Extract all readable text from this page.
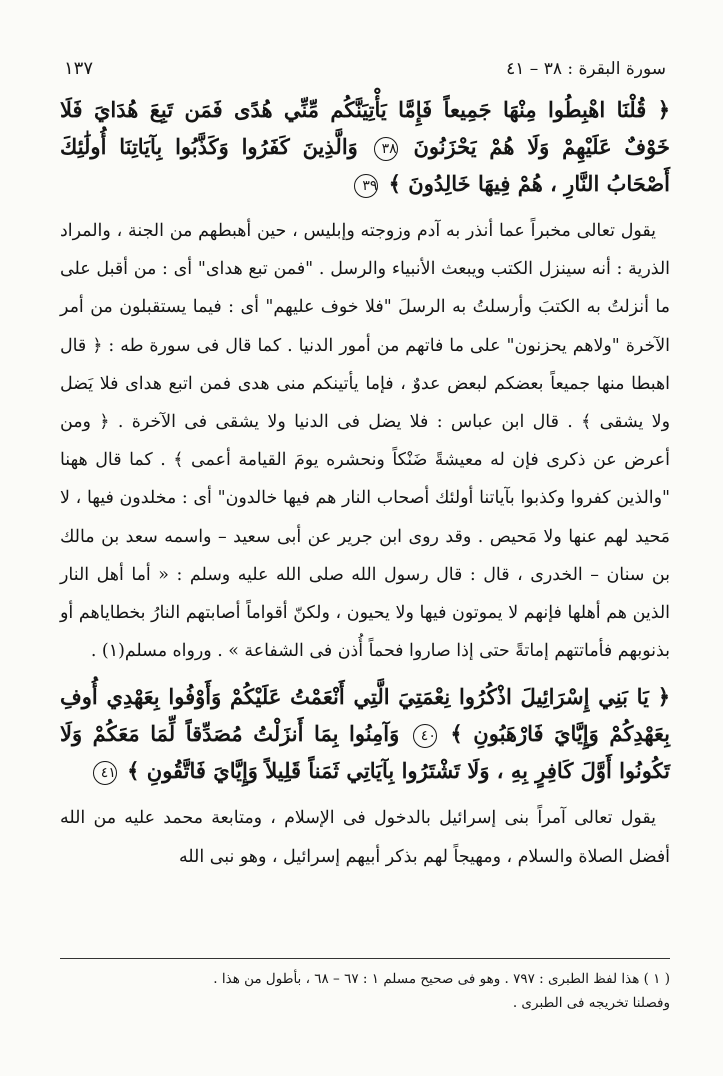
١٣٧	سورة البقرة : ٣٨ – ٤١

﴿ قُلْنَا اهْبِطُوا مِنْهَا جَمِيعاً فَإِمَّا يَأْتِيَنَّكُم مِّنِّي هُدًى فَمَن تَبِعَ هُدَايَ فَلَا خَوْفٌ عَلَيْهِمْ وَلَا هُمْ يَحْزَنُونَ ٣٨ وَالَّذِينَ كَفَرُوا وَكَذَّبُوا بِآيَاتِنَا أُولَٰئِكَ أَصْحَابُ النَّارِ ، هُمْ فِيهَا خَالِدُونَ ﴾ ٣٩

يقول تعالى مخبراً عما أنذر به آدم وزوجته وإبليس ، حين أهبطهم من الجنة ، والمراد الذرية : أنه سينزل الكتب ويبعث الأنبياء والرسل . "فمن تبع هداى" أى : من أقبل على ما أنزلتُ به الكتبَ وأرسلتُ به الرسلَ "فلا خوف عليهم" أى : فيما يستقبلون من أمر الآخرة "ولاهم يحزنون" على ما فاتهم من أمور الدنيا . كما قال فى سورة طه : ﴿ قال اهبطا منها جميعاً بعضكم لبعض عدوٌ ، فإما يأتينكم منى هدى فمن اتبع هداى فلا يَضل ولا يشقى ﴾ . قال ابن عباس : فلا يضل فى الدنيا ولا يشقى فى الآخرة . ﴿ ومن أعرض عن ذكرى فإن له معيشةً ضَنْكاً ونحشره يومَ القيامة أعمى ﴾ . كما قال ههنا "والذين كفروا وكذبوا بآياتنا أولئك أصحاب النار هم فيها خالدون" أى : مخلدون فيها ، لا مَحيد لهم عنها ولا مَحيص . وقد روى ابن جرير عن أبى سعيد – واسمه سعد بن مالك بن سنان – الخدرى ، قال : قال رسول الله صلى الله عليه وسلم : « أما أهل النار الذين هم أهلها فإنهم لا يموتون فيها ولا يحيون ، ولكنّ أقواماً أصابتهم النارُ بخطاياهم أو بذنوبهم فأماتتهم إماتةً حتى إذا صاروا فحماً أُذن فى الشفاعة » . ورواه مسلم(١) .

﴿ يَا بَنِي إِسْرَائِيلَ اذْكُرُوا نِعْمَتِيَ الَّتِي أَنْعَمْتُ عَلَيْكُمْ وَأَوْفُوا بِعَهْدِي أُوفِ بِعَهْدِكُمْ وَإِيَّايَ فَارْهَبُونِ ﴾ ٤٠ وَآمِنُوا بِمَا أَنزَلْتُ مُصَدِّقاً لِّمَا مَعَكُمْ وَلَا تَكُونُوا أَوَّلَ كَافِرٍ بِهِ ، وَلَا تَشْتَرُوا بِآيَاتِي ثَمَناً قَلِيلاً وَإِيَّايَ فَاتَّقُونِ ﴾ ٤١

يقول تعالى آمراً بنى إسرائيل بالدخول فى الإسلام ، ومتابعة محمد عليه من الله أفضل الصلاة والسلام ، ومهيجاً لهم بذكر أبيهم إسرائيل ، وهو نبى الله

( ١ ) هذا لفظ الطبرى : ٧٩٧ . وهو فى صحيح مسلم ١ : ٦٧ – ٦٨ ، بأطول من هذا .

وفصلنا تخريجه فى الطبرى .
